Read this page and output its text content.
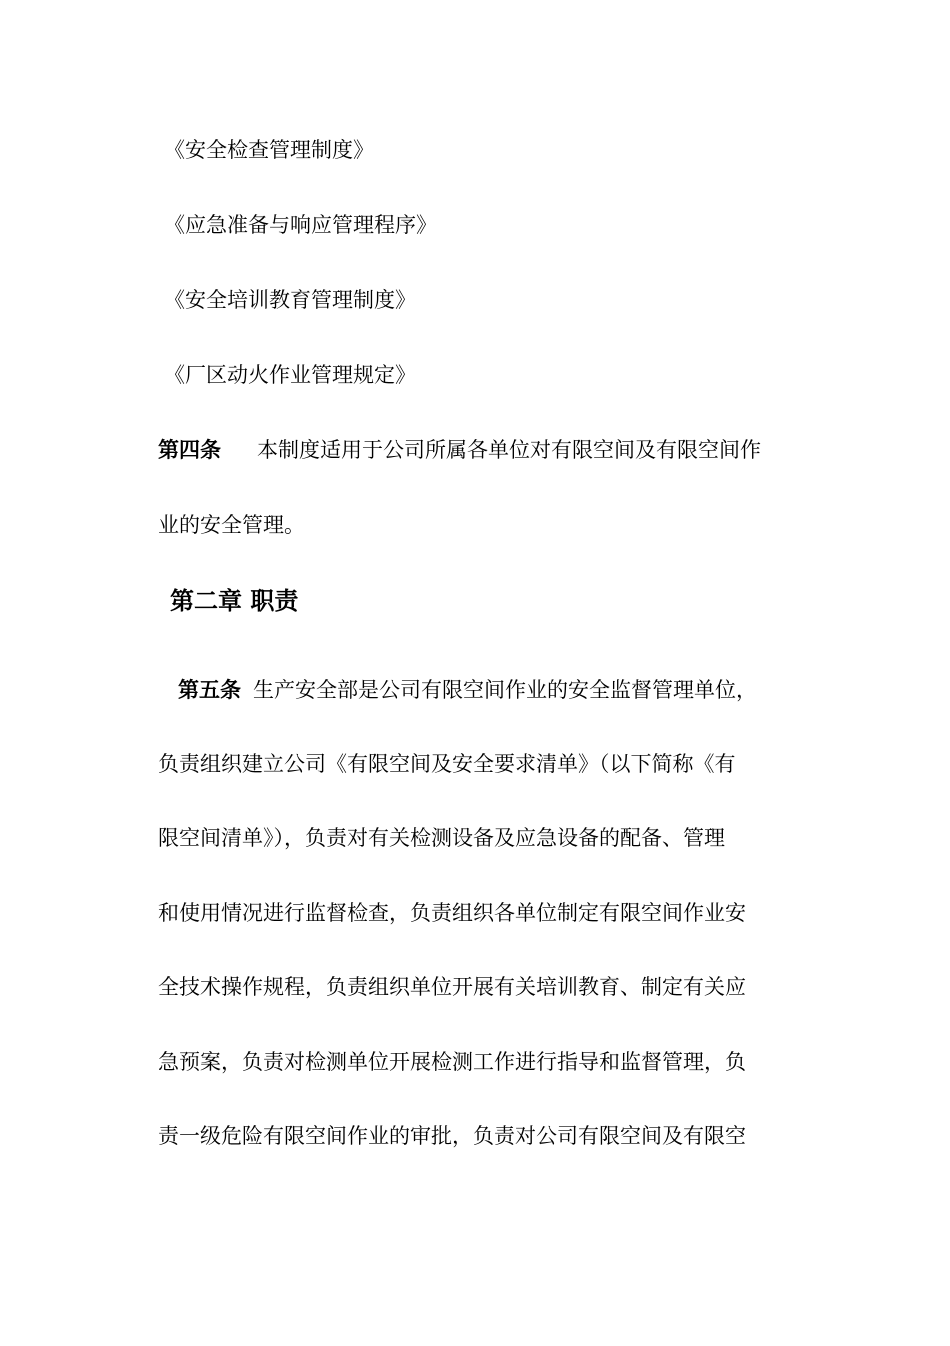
《安全检查管理制度》
《应急准备与响应管理程序》
《安全培训教育管理制度》
《厂区动火作业管理规定》
第四条 本制度适用于公司所属各单位对有限空间及有限空间作
业的安全管理。
第二章 职责
第五条 生产安全部是公司有限空间作业的安全监督管理单位，
负责组织建立公司《有限空间及安全要求清单》（以下简称《有
限空间清单》），负责对有关检测设备及应急设备的配备、管理
和使用情况进行监督检查，负责组织各单位制定有限空间作业安
全技术操作规程，负责组织单位开展有关培训教育、制定有关应
急预案，负责对检测单位开展检测工作进行指导和监督管理，负
责一级危险有限空间作业的审批，负责对公司有限空间及有限空
